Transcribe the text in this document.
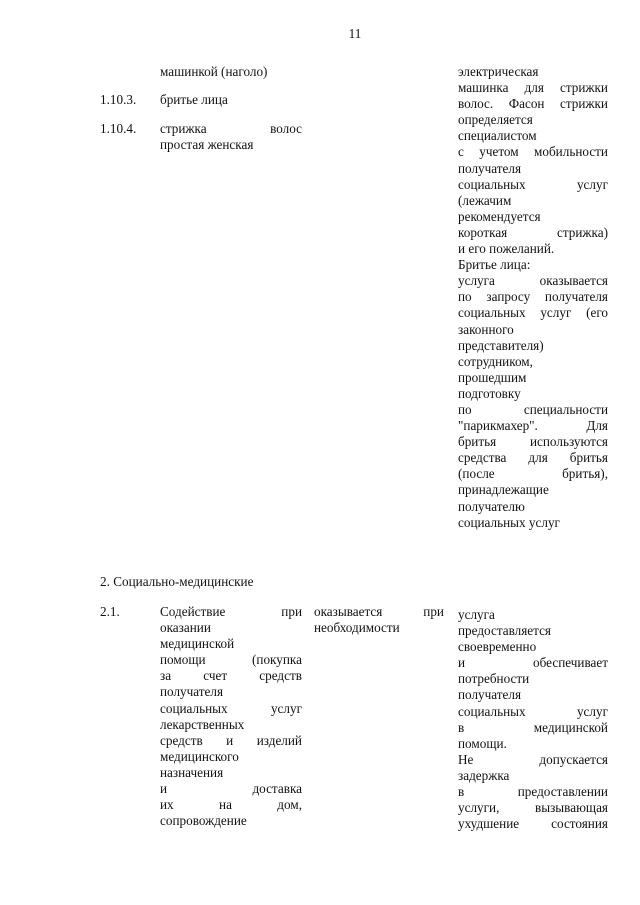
11
машинкой (наголо)
1.10.3. бритье лица
1.10.4. стрижка волос
простая женская
электрическая
машинка для стрижки
волос. Фасон стрижки
определяется
специалистом
с учетом мобильности
получателя
социальных услуг
(лежачим
рекомендуется
короткая стрижка)
и его пожеланий.
Бритье лица:
услуга оказывается
по запросу получателя
социальных услуг (его
законного
представителя)
сотрудником,
прошедшим
подготовку
по специальности
"парикмахер". Для
бритья используются
средства для бритья
(после бритья),
принадлежащие
получателю
социальных услуг
2. Социально-медицинские
2.1.	Содействие при
оказании
медицинской
помощи (покупка
за счет средств
получателя
социальных услуг
лекарственных
средств и изделий
медицинского
назначения
и доставка
их на дом,
сопровождение
оказывается при
необходимости
услуга
предоставляется
своевременно
и обеспечивает
потребности
получателя
социальных услуг
в медицинской
помощи.
Не допускается
задержка
в предоставлении
услуги, вызывающая
ухудшение состояния
